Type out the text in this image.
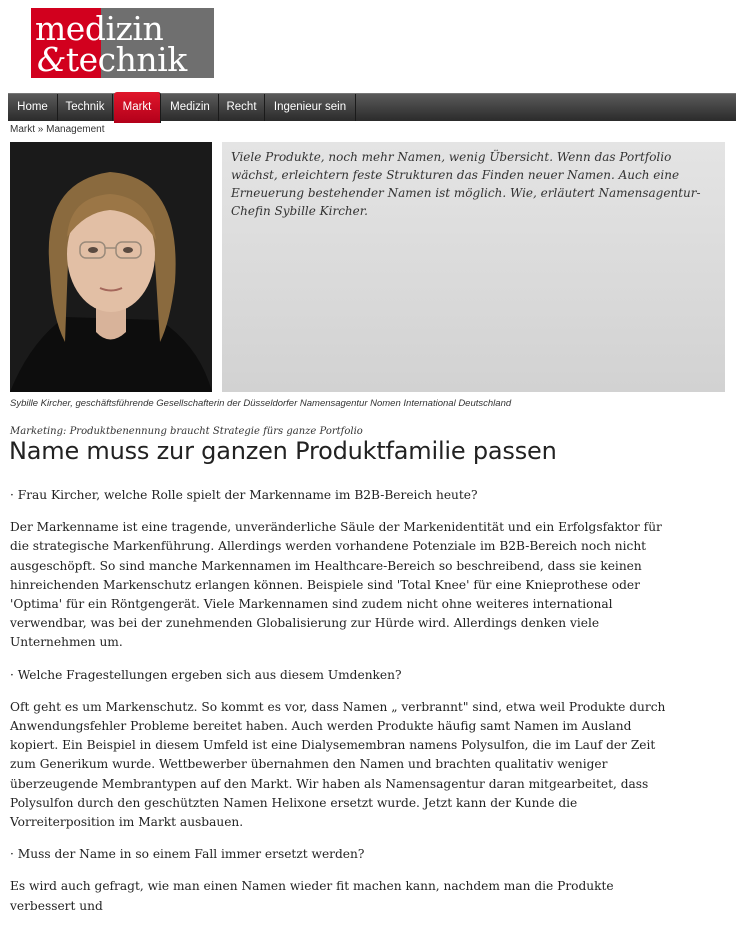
medizin
&technik
Home	Technik	Markt	Medizin	Recht	Ingenieur sein
Markt » Management

Viele Produkte, noch mehr Namen, wenig Übersicht. Wenn das Portfolio wächst, erleichtern feste Strukturen das Finden neuer Namen. Auch eine Erneuerung bestehender Namen ist möglich. Wie, erläutert Namensagentur-Chefin Sybille Kircher.

Sybille Kircher, geschäftsführende Gesellschafterin der Düsseldorfer Namensagentur Nomen International Deutschland
Marketing: Produktbenennung braucht Strategie fürs ganze Portfolio
Name muss zur ganzen Produktfamilie passen

· Frau Kircher, welche Rolle spielt der Markenname im B2B-Bereich heute?

Der Markenname ist eine tragende, unveränderliche Säule der Markenidentität und ein Erfolgsfaktor für die strategische Markenführung. Allerdings werden vorhandene Potenziale im B2B-Bereich noch nicht ausgeschöpft. So sind manche Markennamen im Healthcare-Bereich so beschreibend, dass sie keinen hinreichenden Markenschutz erlangen können. Beispiele sind 'Total Knee' für eine Knieprothese oder 'Optima' für ein Röntgengerät. Viele Markennamen sind zudem nicht ohne weiteres international verwendbar, was bei der zunehmenden Globalisierung zur Hürde wird. Allerdings denken viele Unternehmen um.

· Welche Fragestellungen ergeben sich aus diesem Umdenken?

Oft geht es um Markenschutz. So kommt es vor, dass Namen „ verbrannt" sind, etwa weil Produkte durch Anwendungsfehler Probleme bereitet haben. Auch werden Produkte häufig samt Namen im Ausland kopiert. Ein Beispiel in diesem Umfeld ist eine Dialysemembran namens Polysulfon, die im Lauf der Zeit zum Generikum wurde. Wettbewerber übernahmen den Namen und brachten qualitativ weniger überzeugende Membrantypen auf den Markt. Wir haben als Namensagentur daran mitgearbeitet, dass Polysulfon durch den geschützten Namen Helixone ersetzt wurde. Jetzt kann der Kunde die Vorreiterposition im Markt ausbauen.

· Muss der Name in so einem Fall immer ersetzt werden?

Es wird auch gefragt, wie man einen Namen wieder fit machen kann, nachdem man die Produkte verbessert und
